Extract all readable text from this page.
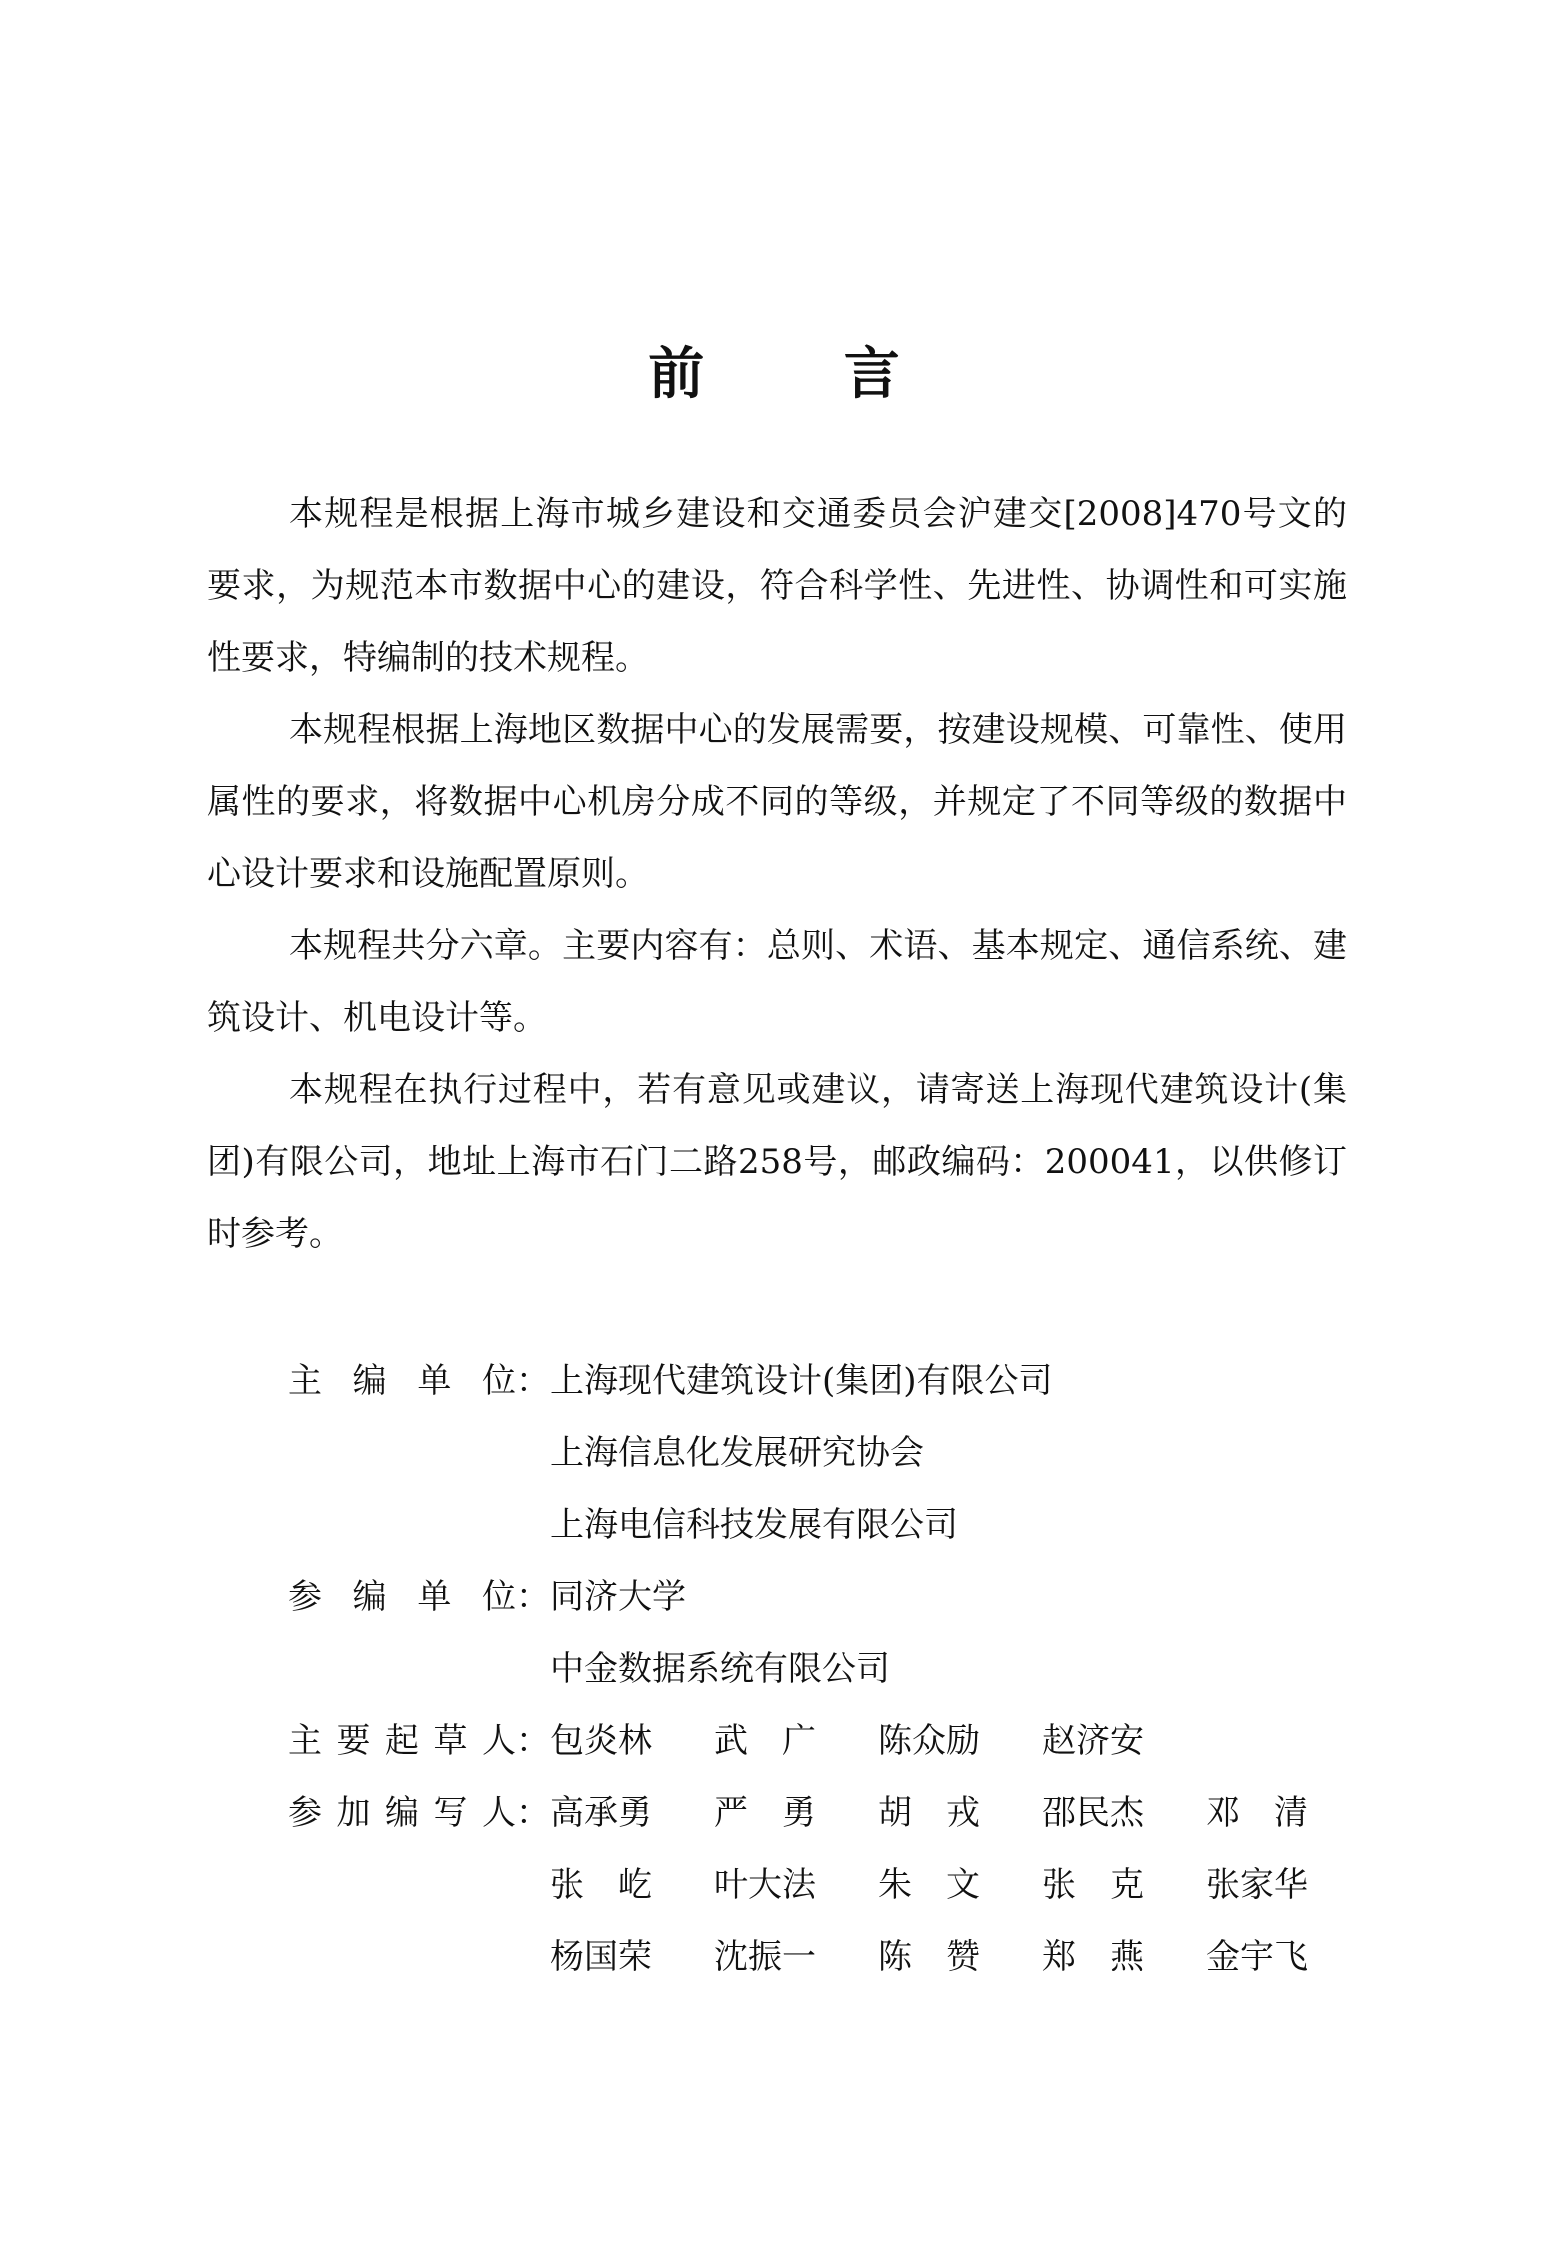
前 言

本规程是根据上海市城乡建设和交通委员会沪建交[2008]470号文的要求，为规范本市数据中心的建设，符合科学性、先进性、协调性和可实施性要求，特编制的技术规程。

本规程根据上海地区数据中心的发展需要，按建设规模、可靠性、使用属性的要求，将数据中心机房分成不同的等级，并规定了不同等级的数据中心设计要求和设施配置原则。

本规程共分六章。主要内容有：总则、术语、基本规定、通信系统、建筑设计、机电设计等。

本规程在执行过程中，若有意见或建议，请寄送上海现代建筑设计(集团)有限公司，地址上海市石门二路258号，邮政编码：200041，以供修订时参考。

主 编 单 位： 上海现代建筑设计(集团)有限公司
上海信息化发展研究协会
上海电信科技发展有限公司
参 编 单 位： 同济大学
中金数据系统有限公司
主 要 起 草 人： 包炎林	武　广	陈众励	赵济安
参 加 编 写 人： 高承勇	严　勇	胡　戎	邵民杰	邓　清
张　屹	叶大法	朱　文	张　克	张家华
杨国荣	沈振一	陈　赞	郑　燕	金宇飞
